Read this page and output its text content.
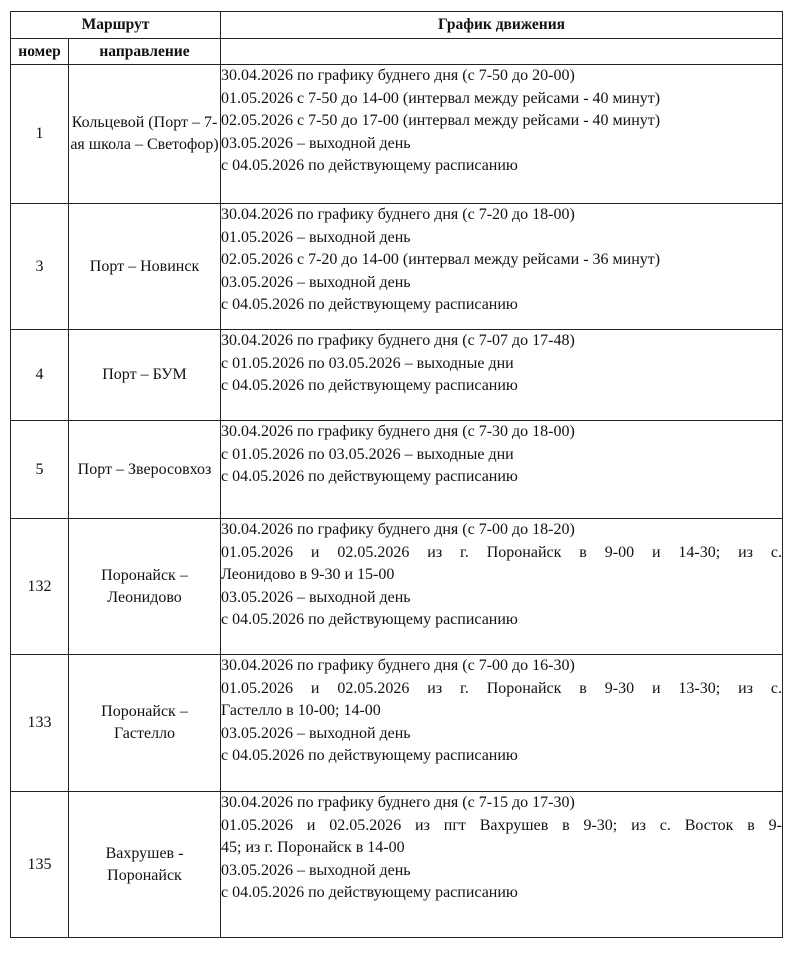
Маршрут		График движения
номер	направление	
1	Кольцевой (Порт – 7-ая школа – Светофор)	30.04.2026 по графику буднего дня (с 7-50 до 20-00)
01.05.2026 с 7-50 до 14-00 (интервал между рейсами - 40 минут)
02.05.2026 с 7-50 до 17-00 (интервал между рейсами - 40 минут)
03.05.2026 – выходной день
с 04.05.2026 по действующему расписанию

3	Порт – Новинск	30.04.2026 по графику буднего дня (с 7-20 до 18-00)
01.05.2026 – выходной день
02.05.2026 с 7-20 до 14-00 (интервал между рейсами - 36 минут)
03.05.2026 – выходной день
с 04.05.2026 по действующему расписанию

4	Порт – БУМ	30.04.2026 по графику буднего дня (с 7-07 до 17-48)
с 01.05.2026 по 03.05.2026 – выходные дни
с 04.05.2026 по действующему расписанию

5	Порт – Зверосовхоз	30.04.2026 по графику буднего дня (с 7-30 до 18-00)
с 01.05.2026 по 03.05.2026 – выходные дни
с 04.05.2026 по действующему расписанию

132	Поронайск – Леонидово	30.04.2026 по графику буднего дня (с 7-00 до 18-20)
01.05.2026 и 02.05.2026 из г. Поронайск в 9-00 и 14-30; из с.
Леонидово в 9-30 и 15-00
03.05.2026 – выходной день
с 04.05.2026 по действующему расписанию

133	Поронайск – Гастелло	30.04.2026 по графику буднего дня (с 7-00 до 16-30)
01.05.2026 и 02.05.2026 из г. Поронайск в 9-30 и 13-30; из с.
Гастелло в 10-00; 14-00
03.05.2026 – выходной день
с 04.05.2026 по действующему расписанию

135	Вахрушев - Поронайск	30.04.2026 по графику буднего дня (с 7-15 до 17-30)
01.05.2026 и 02.05.2026 из пгт Вахрушев в 9-30; из с. Восток в 9-
45; из г. Поронайск в 14-00
03.05.2026 – выходной день
с 04.05.2026 по действующему расписанию
